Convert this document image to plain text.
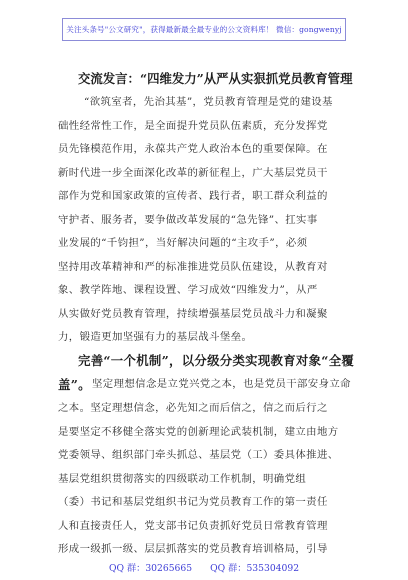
关注头条号"公文研究"，获得最新最全最专业的公文资料库！ 微信：gongwenyj
交流发言：“四维发力”从严从实狠抓党员教育管理
“欲筑室者，先治其基”，党员教育管理是党的建设基
础性经常性工作，是全面提升党员队伍素质，充分发挥党
员先锋模范作用，永葆共产党人政治本色的重要保障。在
新时代进一步全面深化改革的新征程上，广大基层党员干
部作为党和国家政策的宣传者、践行者，职工群众利益的
守护者、服务者，要争做改革发展的“急先锋”、扛实事
业发展的“千钧担”，当好解决问题的“主攻手”，必须
坚持用改革精神和严的标准推进党员队伍建设，从教育对
象、教学阵地、课程设置、学习成效“四维发力”，从严
从实做好党员教育管理，持续增强基层党员战斗力和凝聚
力，锻造更加坚强有力的基层战斗堡垒。
完善“一个机制”，以分级分类实现教育对象“全覆
盖”。 坚定理想信念是立党兴党之本，也是党员干部安身立命
之本。坚定理想信念，必先知之而后信之，信之而后行之
是要坚定不移健全落实党的创新理论武装机制，建立由地方
党委领导、组织部门牵头抓总、基层党（工）委具体推进、
基层党组织贯彻落实的四级联动工作机制，明确党组
（委）书记和基层党组织书记为党员教育工作的第一责任
人和直接责任人，党支部书记负责抓好党员日常教育管理
形成一级抓一级、层层抓落实的党员教育培训格局，引导
QQ 群：30265665 QQ 群：535304092
